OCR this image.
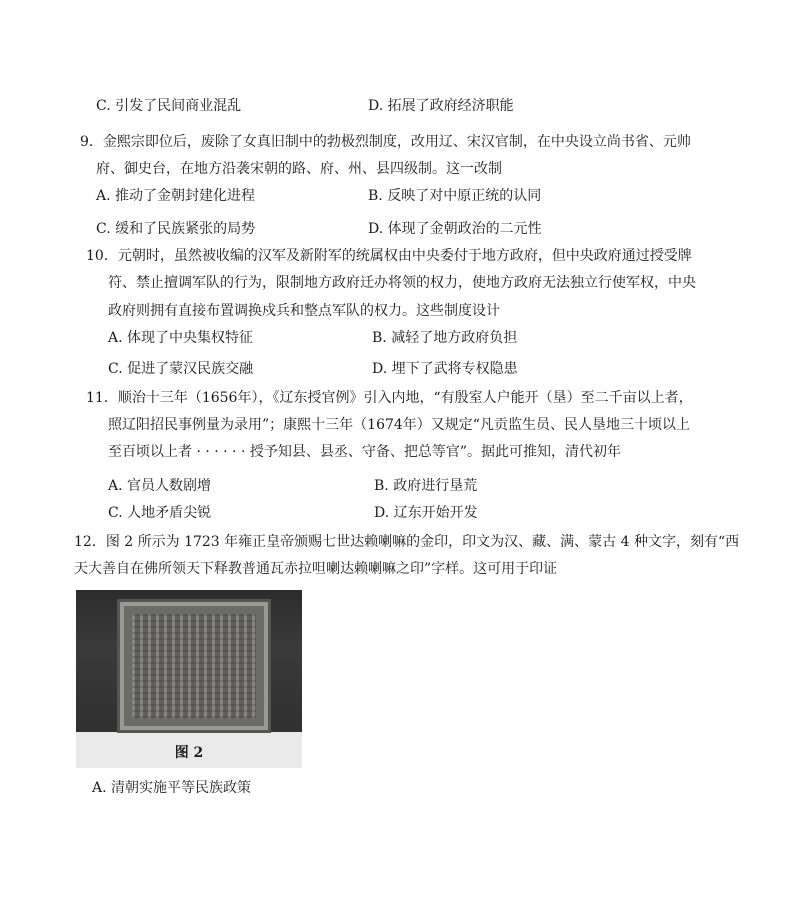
C. 引发了民间商业混乱	D. 拓展了政府经济职能
9．金熙宗即位后，废除了女真旧制中的勃极烈制度，改用辽、宋汉官制，在中央设立尚书省、元帅
府、御史台，在地方沿袭宋朝的路、府、州、县四级制。这一改制
A. 推动了金朝封建化进程	B. 反映了对中原正统的认同
C. 缓和了民族紧张的局势	D. 体现了金朝政治的二元性
10．元朝时，虽然被收编的汉军及新附军的统属权由中央委付于地方政府，但中央政府通过授受牌
符、禁止擅调军队的行为，限制地方政府迁办将领的权力，使地方政府无法独立行使军权，中央
政府则拥有直接布置调换戍兵和整点军队的权力。这些制度设计
A. 体现了中央集权特征	B. 减轻了地方政府负担
C. 促进了蒙汉民族交融	D. 埋下了武将专权隐患
11．顺治十三年（1656年），《辽东授官例》引入内地，“有殷室人户能开（垦）至二千亩以上者，
照辽阳招民事例量为录用”；康熙十三年（1674年）又规定“凡贡监生员、民人垦地三十顷以上
至百顷以上者 · · · · · · 授予知县、县丞、守备、把总等官”。据此可推知，清代初年
A. 官员人数剧增	B. 政府进行垦荒
C. 人地矛盾尖锐	D. 辽东开始开发
12．图 2 所示为 1723 年雍正皇帝颁赐七世达赖喇嘛的金印，印文为汉、藏、满、蒙古 4 种文字，刻有“西
天大善自在佛所领天下释教普通瓦赤拉呾喇达赖喇嘛之印”字样。这可用于印证
图 2
A. 清朝实施平等民族政策
